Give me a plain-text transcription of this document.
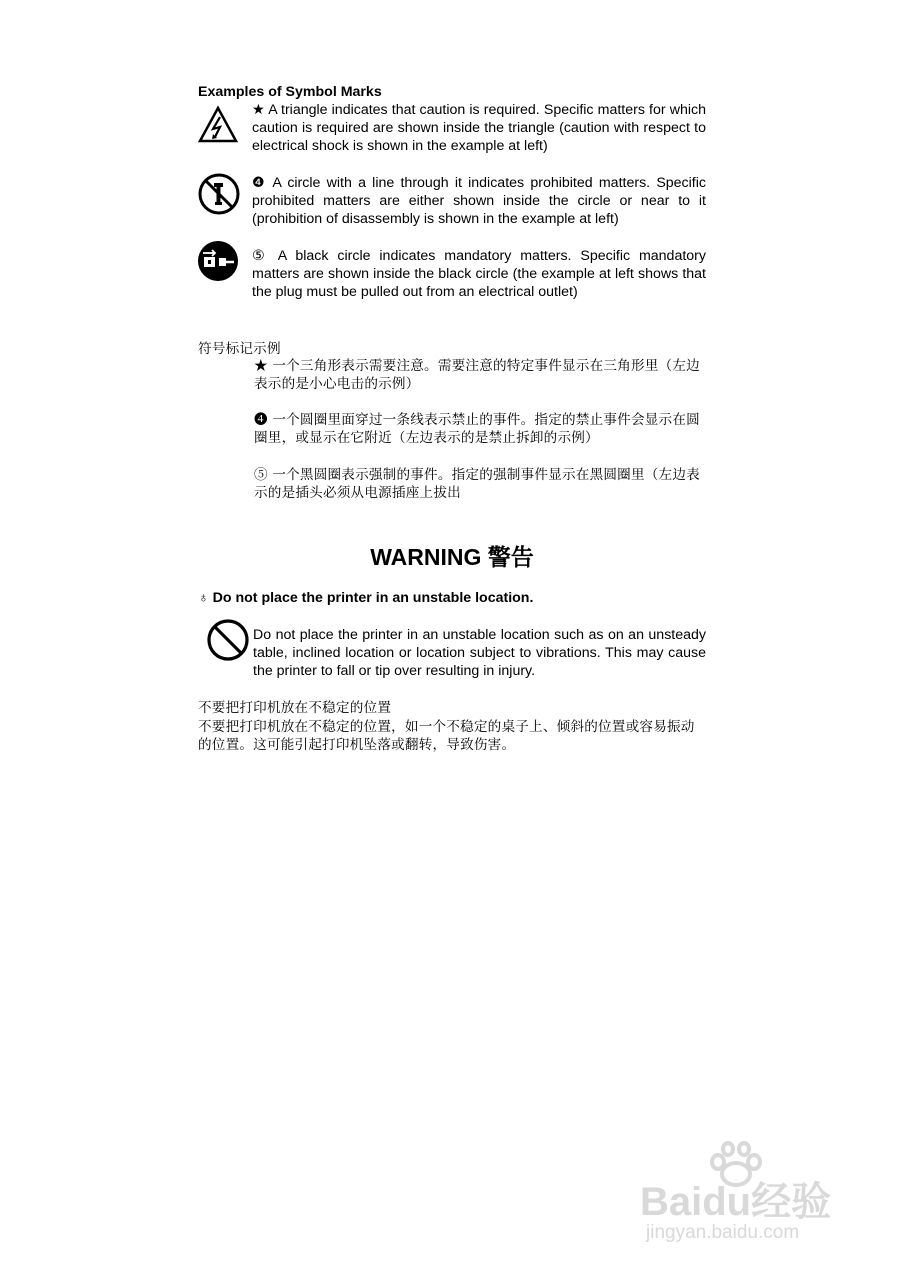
Examples of Symbol Marks
★ A triangle indicates that caution is required. Specific matters for which caution is required are shown inside the triangle (caution with respect to electrical shock is shown in the example at left)
❹ A circle with a line through it indicates prohibited matters. Specific prohibited matters are either shown inside the circle or near to it (prohibition of disassembly is shown in the example at left)
⑤ A black circle indicates mandatory matters. Specific mandatory matters are shown inside the black circle (the example at left shows that the plug must be pulled out from an electrical outlet)
符号标记示例
★ 一个三角形表示需要注意。需要注意的特定事件显示在三角形里（左边表示的是小心电击的示例）
❹ 一个圆圈里面穿过一条线表示禁止的事件。指定的禁止事件会显示在圆圈里，或显示在它附近（左边表示的是禁止拆卸的示例）
⑤ 一个黑圆圈表示强制的事件。指定的强制事件显示在黑圆圈里（左边表示的是插头必须从电源插座上拔出
WARNING 警告
♁ Do not place the printer in an unstable location.
Do not place the printer in an unstable location such as on an unsteady table, inclined location or location subject to vibrations. This may cause the printer to fall or tip over resulting in injury.
不要把打印机放在不稳定的位置
不要把打印机放在不稳定的位置，如一个不稳定的桌子上、倾斜的位置或容易振动的位置。这可能引起打印机坠落或翻转，导致伤害。
Baidu经验
jingyan.baidu.com
